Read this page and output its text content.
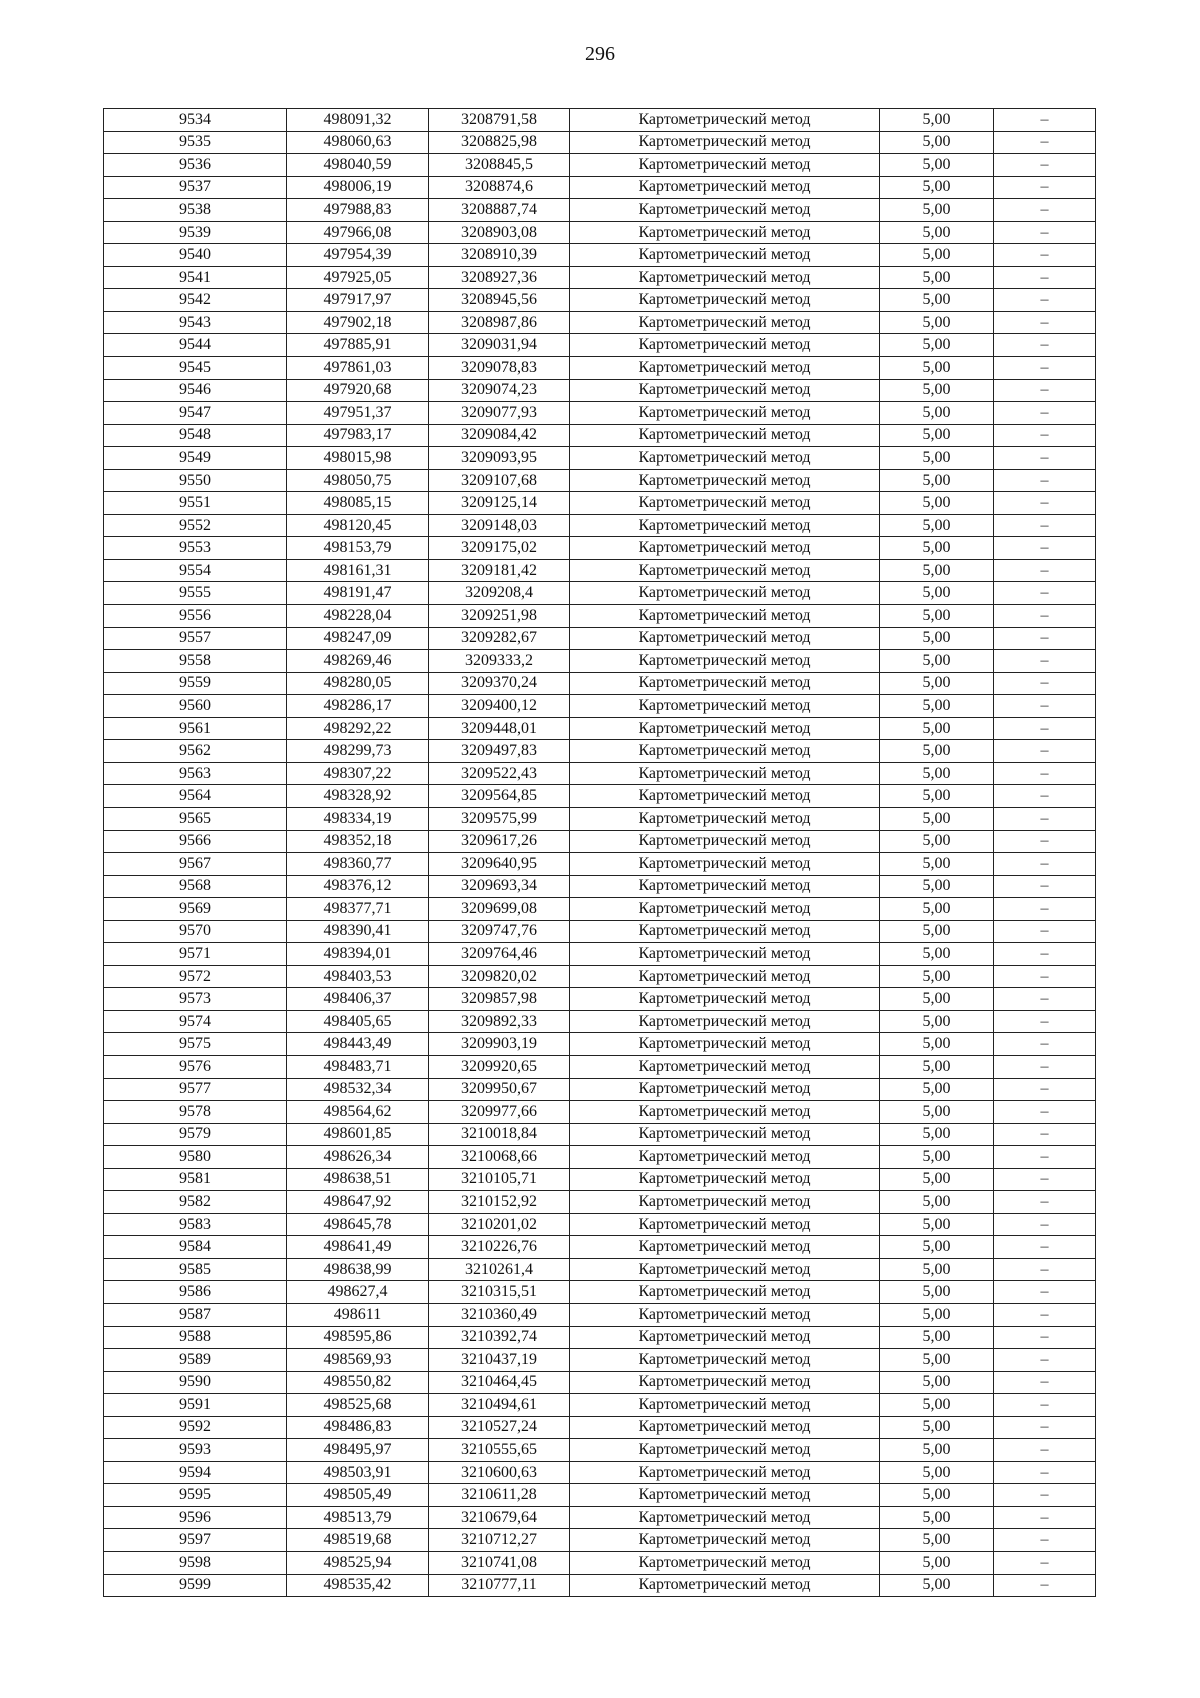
296
9534	498091,32	3208791,58	Картометрический метод	5,00	–
9535	498060,63	3208825,98	Картометрический метод	5,00	–
9536	498040,59	3208845,5	Картометрический метод	5,00	–
9537	498006,19	3208874,6	Картометрический метод	5,00	–
9538	497988,83	3208887,74	Картометрический метод	5,00	–
9539	497966,08	3208903,08	Картометрический метод	5,00	–
9540	497954,39	3208910,39	Картометрический метод	5,00	–
9541	497925,05	3208927,36	Картометрический метод	5,00	–
9542	497917,97	3208945,56	Картометрический метод	5,00	–
9543	497902,18	3208987,86	Картометрический метод	5,00	–
9544	497885,91	3209031,94	Картометрический метод	5,00	–
9545	497861,03	3209078,83	Картометрический метод	5,00	–
9546	497920,68	3209074,23	Картометрический метод	5,00	–
9547	497951,37	3209077,93	Картометрический метод	5,00	–
9548	497983,17	3209084,42	Картометрический метод	5,00	–
9549	498015,98	3209093,95	Картометрический метод	5,00	–
9550	498050,75	3209107,68	Картометрический метод	5,00	–
9551	498085,15	3209125,14	Картометрический метод	5,00	–
9552	498120,45	3209148,03	Картометрический метод	5,00	–
9553	498153,79	3209175,02	Картометрический метод	5,00	–
9554	498161,31	3209181,42	Картометрический метод	5,00	–
9555	498191,47	3209208,4	Картометрический метод	5,00	–
9556	498228,04	3209251,98	Картометрический метод	5,00	–
9557	498247,09	3209282,67	Картометрический метод	5,00	–
9558	498269,46	3209333,2	Картометрический метод	5,00	–
9559	498280,05	3209370,24	Картометрический метод	5,00	–
9560	498286,17	3209400,12	Картометрический метод	5,00	–
9561	498292,22	3209448,01	Картометрический метод	5,00	–
9562	498299,73	3209497,83	Картометрический метод	5,00	–
9563	498307,22	3209522,43	Картометрический метод	5,00	–
9564	498328,92	3209564,85	Картометрический метод	5,00	–
9565	498334,19	3209575,99	Картометрический метод	5,00	–
9566	498352,18	3209617,26	Картометрический метод	5,00	–
9567	498360,77	3209640,95	Картометрический метод	5,00	–
9568	498376,12	3209693,34	Картометрический метод	5,00	–
9569	498377,71	3209699,08	Картометрический метод	5,00	–
9570	498390,41	3209747,76	Картометрический метод	5,00	–
9571	498394,01	3209764,46	Картометрический метод	5,00	–
9572	498403,53	3209820,02	Картометрический метод	5,00	–
9573	498406,37	3209857,98	Картометрический метод	5,00	–
9574	498405,65	3209892,33	Картометрический метод	5,00	–
9575	498443,49	3209903,19	Картометрический метод	5,00	–
9576	498483,71	3209920,65	Картометрический метод	5,00	–
9577	498532,34	3209950,67	Картометрический метод	5,00	–
9578	498564,62	3209977,66	Картометрический метод	5,00	–
9579	498601,85	3210018,84	Картометрический метод	5,00	–
9580	498626,34	3210068,66	Картометрический метод	5,00	–
9581	498638,51	3210105,71	Картометрический метод	5,00	–
9582	498647,92	3210152,92	Картометрический метод	5,00	–
9583	498645,78	3210201,02	Картометрический метод	5,00	–
9584	498641,49	3210226,76	Картометрический метод	5,00	–
9585	498638,99	3210261,4	Картометрический метод	5,00	–
9586	498627,4	3210315,51	Картометрический метод	5,00	–
9587	498611	3210360,49	Картометрический метод	5,00	–
9588	498595,86	3210392,74	Картометрический метод	5,00	–
9589	498569,93	3210437,19	Картометрический метод	5,00	–
9590	498550,82	3210464,45	Картометрический метод	5,00	–
9591	498525,68	3210494,61	Картометрический метод	5,00	–
9592	498486,83	3210527,24	Картометрический метод	5,00	–
9593	498495,97	3210555,65	Картометрический метод	5,00	–
9594	498503,91	3210600,63	Картометрический метод	5,00	–
9595	498505,49	3210611,28	Картометрический метод	5,00	–
9596	498513,79	3210679,64	Картометрический метод	5,00	–
9597	498519,68	3210712,27	Картометрический метод	5,00	–
9598	498525,94	3210741,08	Картометрический метод	5,00	–
9599	498535,42	3210777,11	Картометрический метод	5,00	–
